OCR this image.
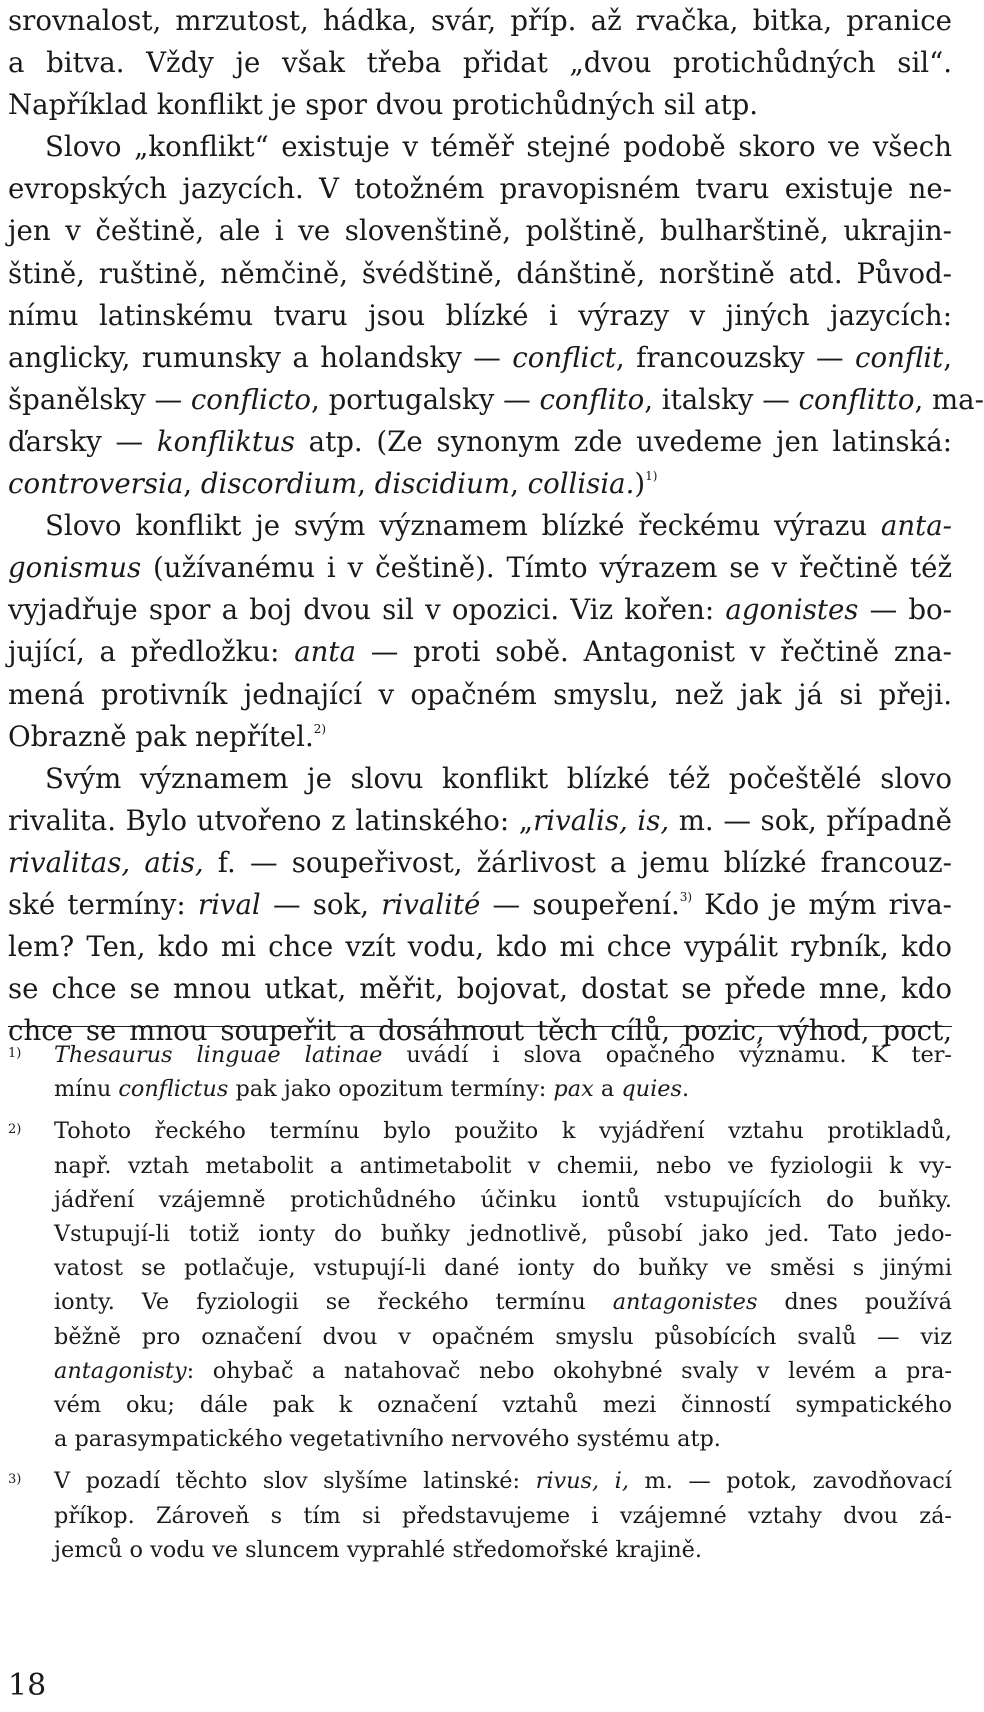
srovnalost, mrzutost, hádka, svár, příp. až rvačka, bitka, pranice
a bitva. Vždy je však třeba přidat „dvou protichůdných sil“.
Například konflikt je spor dvou protichůdných sil atp.
Slovo „konflikt“ existuje v téměř stejné podobě skoro ve všech
evropských jazycích. V totožném pravopisném tvaru existuje ne-
jen v češtině, ale i ve slovenštině, polštině, bulharštině, ukrajin-
štině, ruštině, němčině, švédštině, dánštině, norštině atd. Původ-
nímu latinskému tvaru jsou blízké i výrazy v jiných jazycích:
anglicky, rumunsky a holandsky — conflict, francouzsky — conflit,
španělsky — conflicto, portugalsky — conflito, italsky — conflitto, ma-
ďarsky — konfliktus atp. (Ze synonym zde uvedeme jen latinská:
controversia, discordium, discidium, collisia.)$^{1)}$
Slovo konflikt je svým významem blízké řeckému výrazu anta-
gonismus (užívanému i v češtině). Tímto výrazem se v řečtině též
vyjadřuje spor a boj dvou sil v opozici. Viz kořen: agonistes — bo-
jující, a předložku: anta — proti sobě. Antagonist v řečtině zna-
mená protivník jednající v opačném smyslu, než jak já si přeji.
Obrazně pak nepřítel.$^{2)}$
Svým významem je slovu konflikt blízké též počeštělé slovo
rivalita. Bylo utvořeno z latinského: „rivalis, is, m. — sok, případně
rivalitas, atis, f. — soupeřivost, žárlivost a jemu blízké francouz-
ské termíny: rival — sok, rivalité — soupeření.$^{3)}$ Kdo je mým riva-
lem? Ten, kdo mi chce vzít vodu, kdo mi chce vypálit rybník, kdo
se chce se mnou utkat, měřit, bojovat, dostat se přede mne, kdo
chce se mnou soupeřit a dosáhnout těch cílů, pozic, výhod, poct,
1)	Thesaurus linguae latinae uvádí i slova opačného významu. K ter-
mínu conflictus pak jako opozitum termíny: pax a quies.
2)	Tohoto řeckého termínu bylo použito k vyjádření vztahu protikladů,
např. vztah metabolit a antimetabolit v chemii, nebo ve fyziologii k vy-
jádření vzájemně protichůdného účinku iontů vstupujících do buňky.
Vstupují-li totiž ionty do buňky jednotlivě, působí jako jed. Tato jedo-
vatost se potlačuje, vstupují-li dané ionty do buňky ve směsi s jinými
ionty. Ve fyziologii se řeckého termínu antagonistes dnes používá
běžně pro označení dvou v opačném smyslu působících svalů — viz
antagonisty: ohybač a natahovač nebo okohybné svaly v levém a pra-
vém oku; dále pak k označení vztahů mezi činností sympatického
a parasympatického vegetativního nervového systému atp.
3)	V pozadí těchto slov slyšíme latinské: rivus, i, m. — potok, zavodňovací
příkop. Zároveň s tím si představujeme i vzájemné vztahy dvou zá-
jemců o vodu ve sluncem vyprahlé středomořské krajině.
18
